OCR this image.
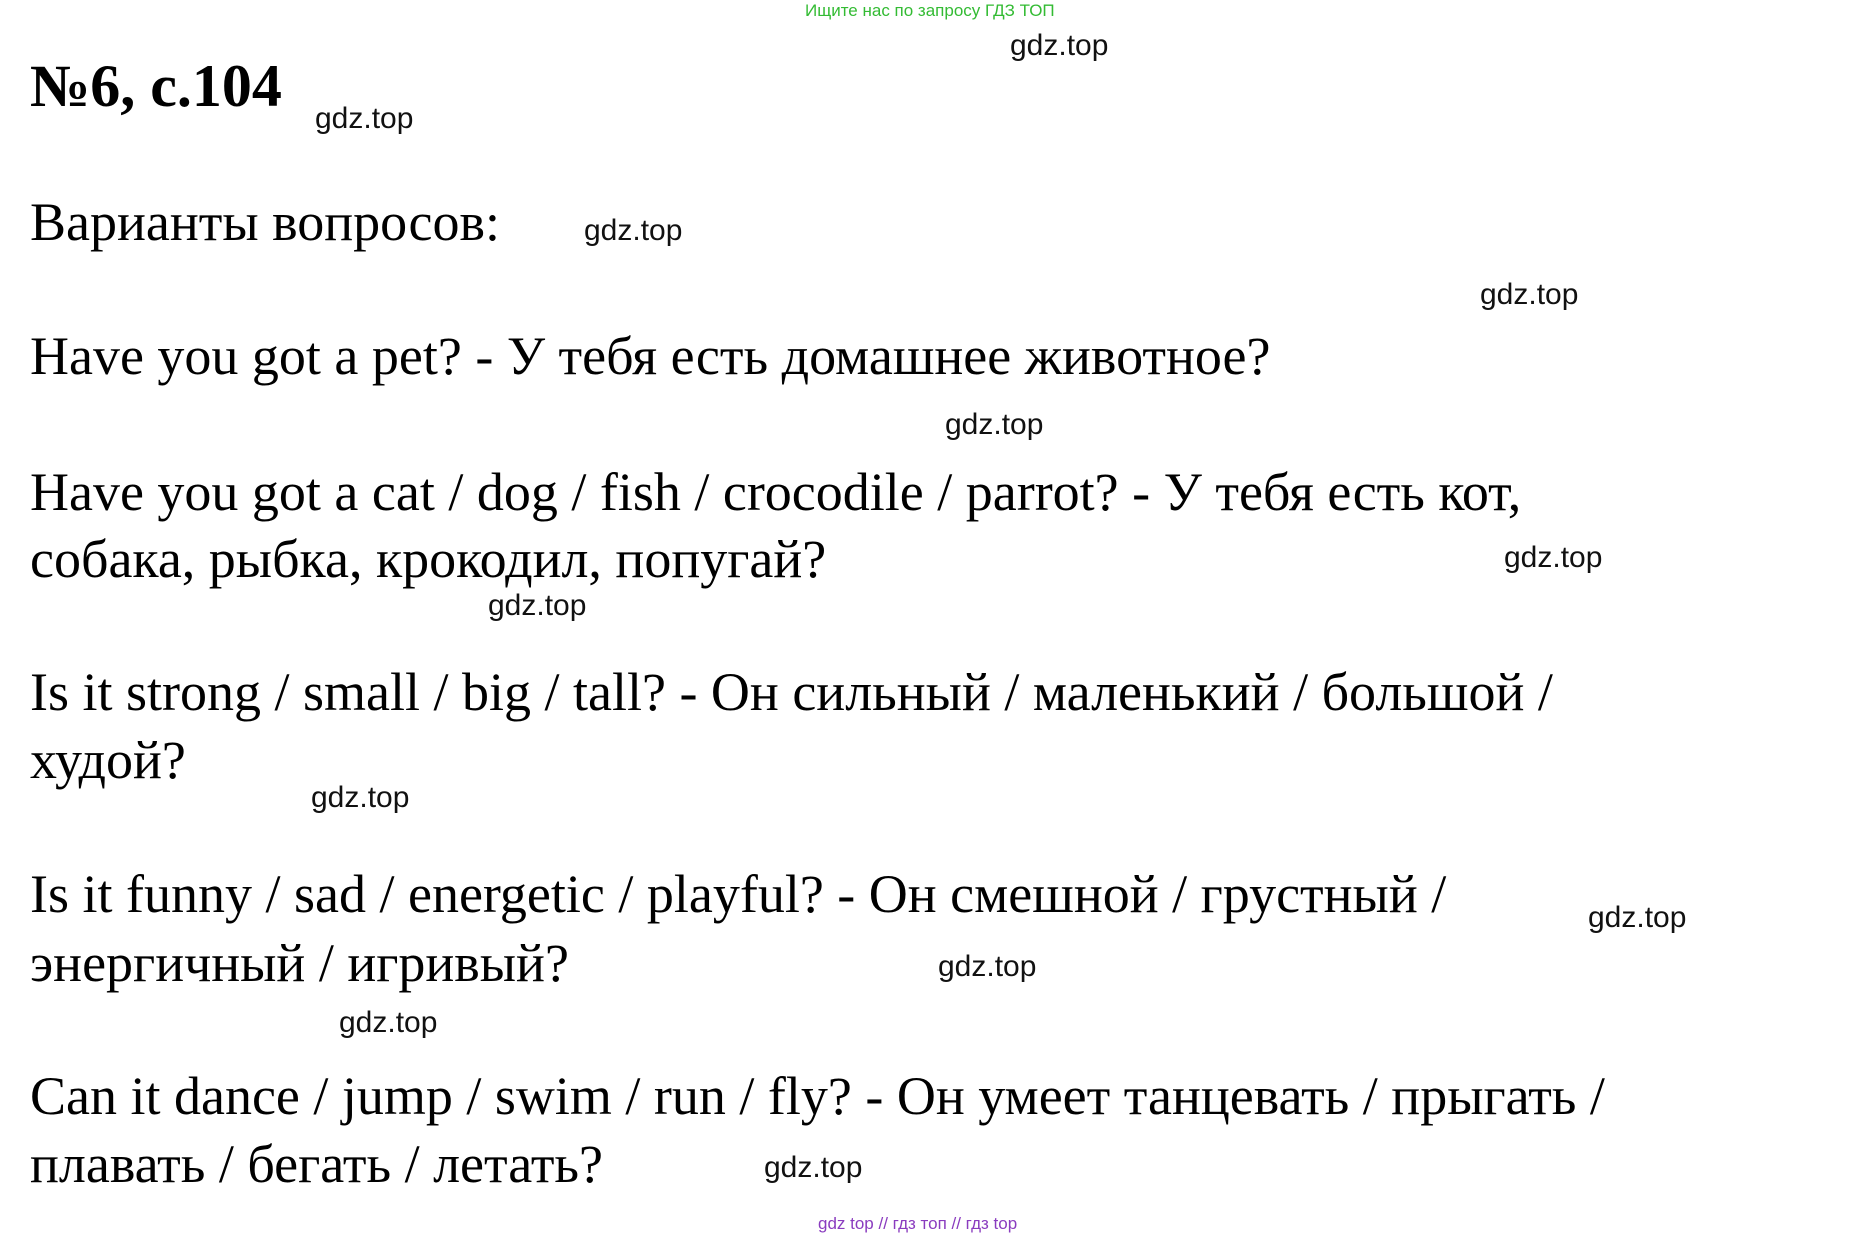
Ищите нас по запросу ГДЗ ТОП
№6, с.104
Варианты вопросов:
Have you got a pet? - У тебя есть домашнее животное?
Have you got a cat / dog / fish / crocodile / parrot? - У тебя есть кот,
собака, рыбка, крокодил, попугай?
Is it strong / small / big / tall? - Он сильный / маленький / большой /
худой?
Is it funny / sad / energetic / playful? - Он смешной / грустный /
энергичный / игривый?
Can it dance / jump / swim / run / fly? - Он умеет танцевать / прыгать /
плавать / бегать / летать?
gdz.top
gdz.top
gdz.top
gdz.top
gdz.top
gdz.top
gdz.top
gdz.top
gdz.top
gdz.top
gdz.top
gdz.top
gdz top // гдз топ // гдз top
